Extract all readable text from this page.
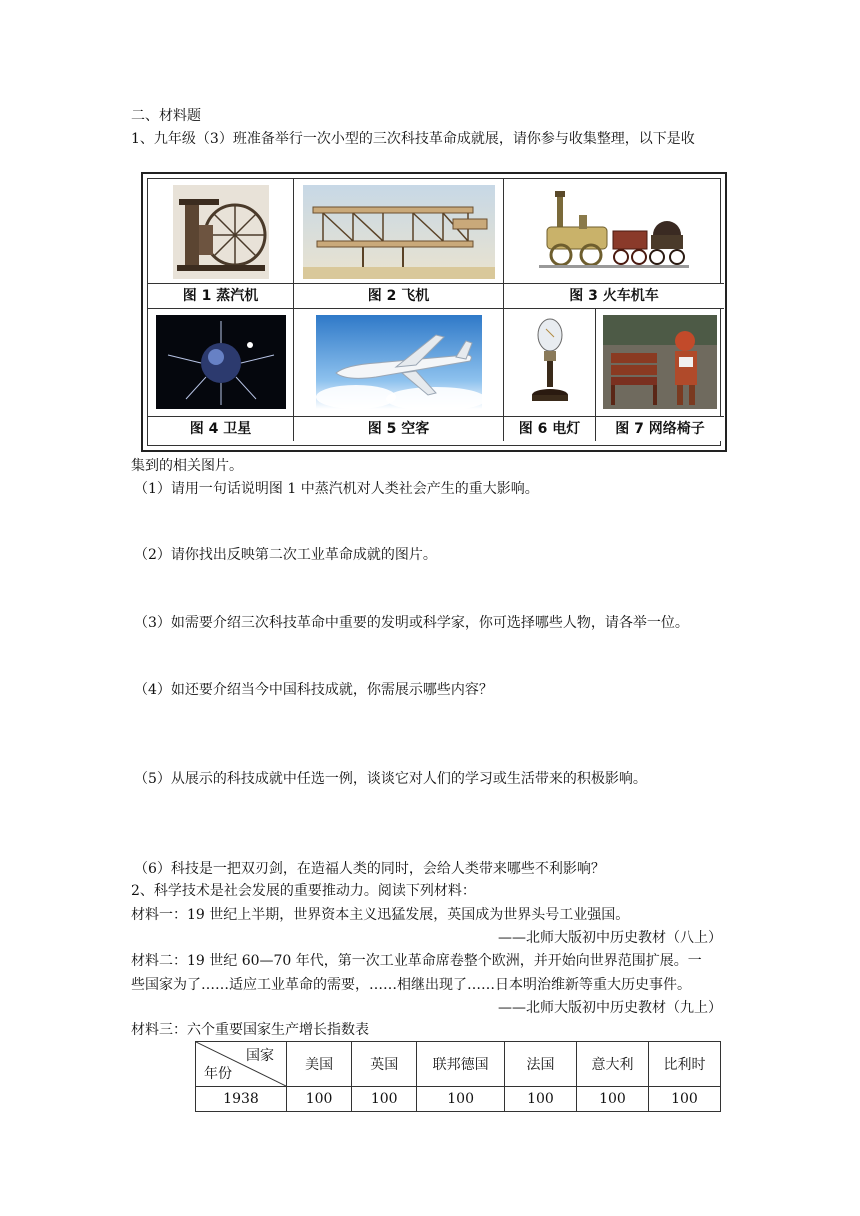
二、材料题
1、九年级（3）班准备举行一次小型的三次科技革命成就展，请你参与收集整理，以下是收
图 1 蒸汽机	图 2 飞机	图 3 火车机车
图 4 卫星	图 5 空客	图 6 电灯	图 7 网络椅子
集到的相关图片。
（1）请用一句话说明图 1 中蒸汽机对人类社会产生的重大影响。
（2）请你找出反映第二次工业革命成就的图片。
（3）如需要介绍三次科技革命中重要的发明或科学家，你可选择哪些人物，请各举一位。
（4）如还要介绍当今中国科技成就，你需展示哪些内容？
（5）从展示的科技成就中任选一例，谈谈它对人们的学习或生活带来的积极影响。
（6）科技是一把双刃剑，在造福人类的同时，会给人类带来哪些不利影响？
2、科学技术是社会发展的重要推动力。阅读下列材料：
材料一：19 世纪上半期，世界资本主义迅猛发展，英国成为世界头号工业强国。
——北师大版初中历史教材（八上）
材料二：19 世纪 60—70 年代，第一次工业革命席卷整个欧洲，并开始向世界范围扩展。一
些国家为了……适应工业革命的需要，……相继出现了……日本明治维新等重大历史事件。
——北师大版初中历史教材（九上）
材料三：六个重要国家生产增长指数表
国家
年份	美国	英国	联邦德国	法国	意大利	比利时
1938	100	100	100	100	100	100
